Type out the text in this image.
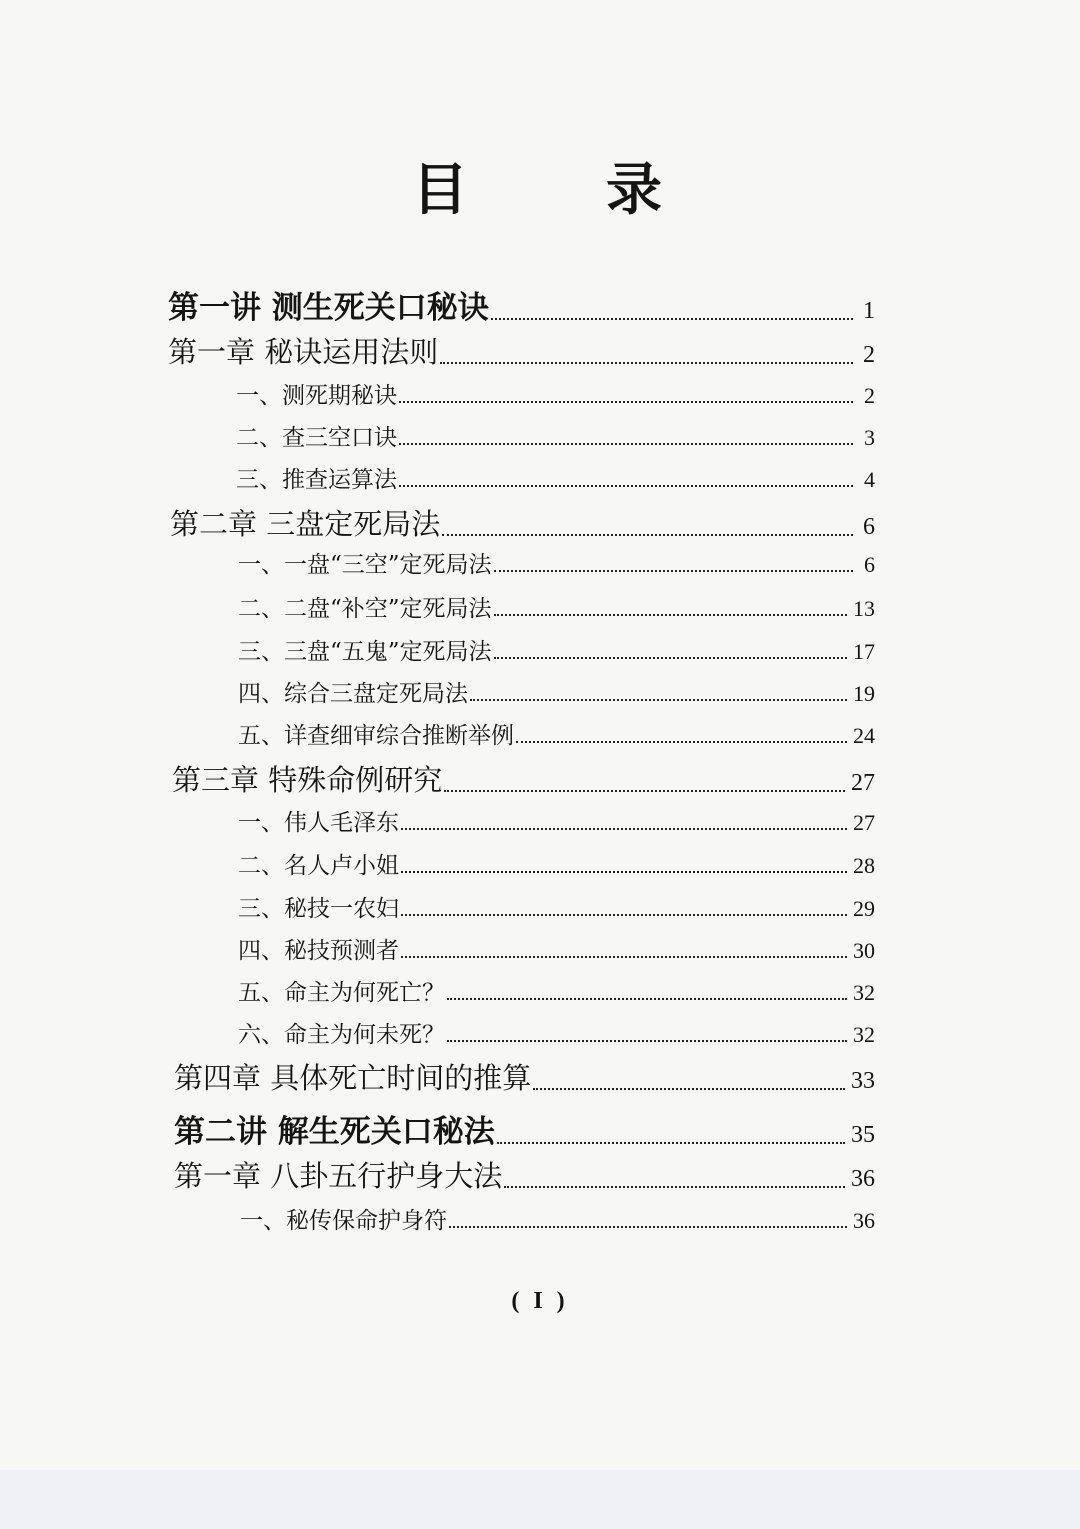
目 录
第一讲 测生死关口秘诀	1
第一章 秘诀运用法则	2
一、测死期秘诀	2
二、查三空口诀	3
三、推查运算法	4
第二章 三盘定死局法	6
一、一盘“三空”定死局法	6
二、二盘“补空”定死局法	13
三、三盘“五鬼”定死局法	17
四、综合三盘定死局法	19
五、详查细审综合推断举例	24
第三章 特殊命例研究	27
一、伟人毛泽东	27
二、名人卢小姐	28
三、秘技一农妇	29
四、秘技预测者	30
五、命主为何死亡？	32
六、命主为何未死？	32
第四章 具体死亡时间的推算	33
第二讲 解生死关口秘法	35
第一章 八卦五行护身大法	36
一、秘传保命护身符	36
( I )
